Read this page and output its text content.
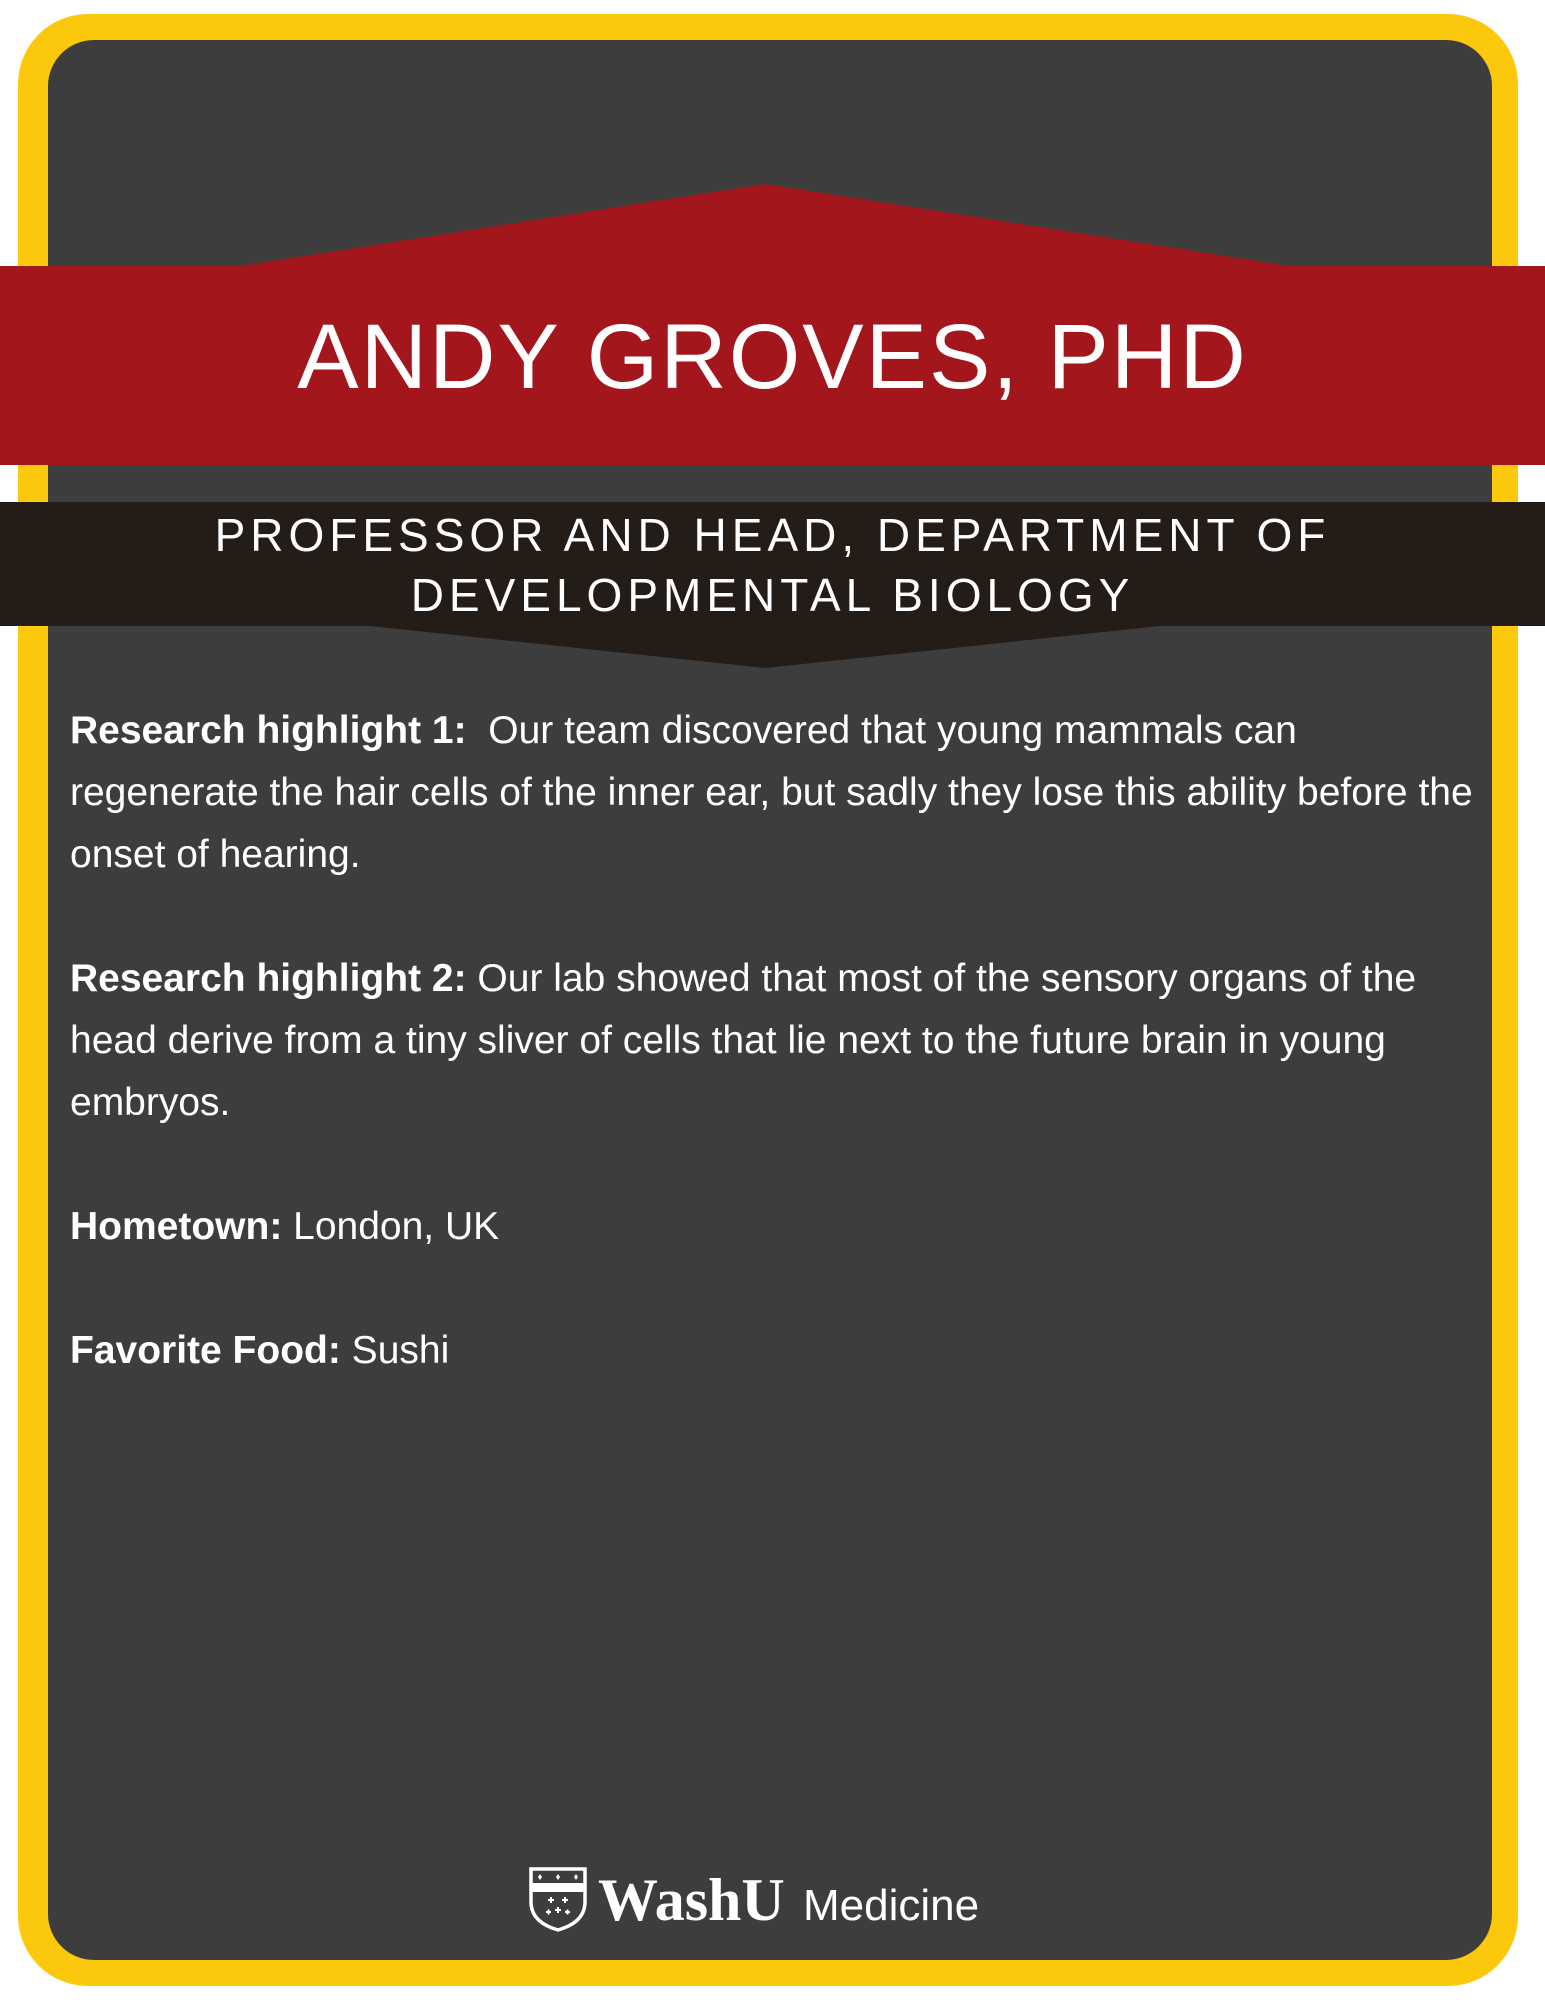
ANDY GROVES, PHD
PROFESSOR AND HEAD, DEPARTMENT OF
DEVELOPMENTAL BIOLOGY

Research highlight 1:  Our team discovered that young mammals can regenerate the hair cells of the inner ear, but sadly they lose this ability before the onset of hearing.

Research highlight 2: Our lab showed that most of the sensory organs of the head derive from a tiny sliver of cells that lie next to the future brain in young embryos.

Hometown: London, UK

Favorite Food: Sushi

WashU Medicine
